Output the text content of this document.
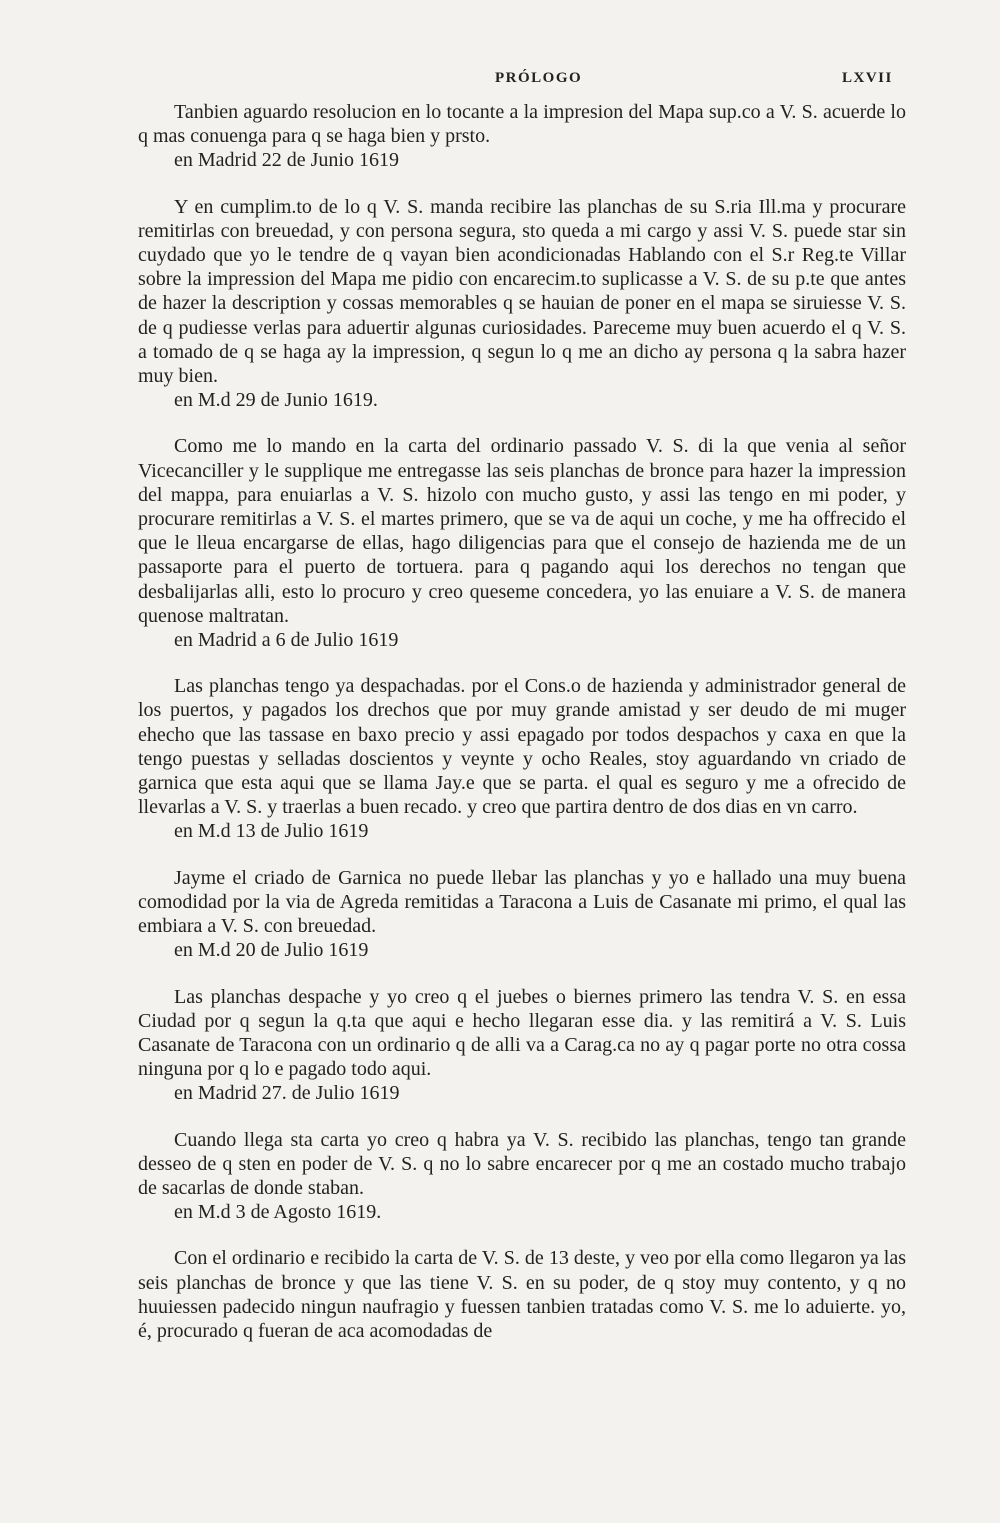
PRÓLOGO	LXVII

Tanbien aguardo resolucion en lo tocante a la impresion del Mapa sup.co a V. S. acuerde lo q mas conuenga para q se haga bien y prsto.

en Madrid 22 de Junio 1619

Y en cumplim.to de lo q V. S. manda recibire las planchas de su S.ria Ill.ma y procurare remitirlas con breuedad, y con persona segura, sto queda a mi cargo y assi V. S. puede star sin cuydado que yo le tendre de q vayan bien acondicionadas Hablando con el S.r Reg.te Villar sobre la impression del Mapa me pidio con encarecim.to suplicasse a V. S. de su p.te que antes de hazer la description y cossas memorables q se hauian de poner en el mapa se siruiesse V. S. de q pudiesse verlas para aduertir algunas curiosidades. Pareceme muy buen acuerdo el q V. S. a tomado de q se haga ay la impression, q segun lo q me an dicho ay persona q la sabra hazer muy bien.

en M.d 29 de Junio 1619.

Como me lo mando en la carta del ordinario passado V. S. di la que venia al señor Vicecanciller y le supplique me entregasse las seis planchas de bronce para hazer la impression del mappa, para enuiarlas a V. S. hizolo con mucho gusto, y assi las tengo en mi poder, y procurare remitirlas a V. S. el martes primero, que se va de aqui un coche, y me ha offrecido el que le lleua encargarse de ellas, hago diligencias para que el consejo de hazienda me de un passaporte para el puerto de tortuera. para q pagando aqui los derechos no tengan que desbalijarlas alli, esto lo procuro y creo queseme concedera, yo las enuiare a V. S. de manera quenose maltratan.

en Madrid a 6 de Julio 1619

Las planchas tengo ya despachadas. por el Cons.o de hazienda y administrador general de los puertos, y pagados los drechos que por muy grande amistad y ser deudo de mi muger ehecho que las tassase en baxo precio y assi epagado por todos despachos y caxa en que la tengo puestas y selladas doscientos y veynte y ocho Reales, stoy aguardando vn criado de garnica que esta aqui que se llama Jay.e que se parta. el qual es seguro y me a ofrecido de llevarlas a V. S. y traerlas a buen recado. y creo que partira dentro de dos dias en vn carro.

en M.d 13 de Julio 1619

Jayme el criado de Garnica no puede llebar las planchas y yo e hallado una muy buena comodidad por la via de Agreda remitidas a Taracona a Luis de Casanate mi primo, el qual las embiara a V. S. con breuedad.

en M.d 20 de Julio 1619

Las planchas despache y yo creo q el juebes o biernes primero las tendra V. S. en essa Ciudad por q segun la q.ta que aqui e hecho llegaran esse dia. y las remitirá a V. S. Luis Casanate de Taracona con un ordinario q de alli va a Carag.ca no ay q pagar porte no otra cossa ninguna por q lo e pagado todo aqui.

en Madrid 27. de Julio 1619

Cuando llega sta carta yo creo q habra ya V. S. recibido las planchas, tengo tan grande desseo de q sten en poder de V. S. q no lo sabre encarecer por q me an costado mucho trabajo de sacarlas de donde staban.

en M.d 3 de Agosto 1619.

Con el ordinario e recibido la carta de V. S. de 13 deste, y veo por ella como llegaron ya las seis planchas de bronce y que las tiene V. S. en su poder, de q stoy muy contento, y q no huuiessen padecido ningun naufragio y fuessen tanbien tratadas como V. S. me lo aduierte. yo, é, procurado q fueran de aca acomodadas de
